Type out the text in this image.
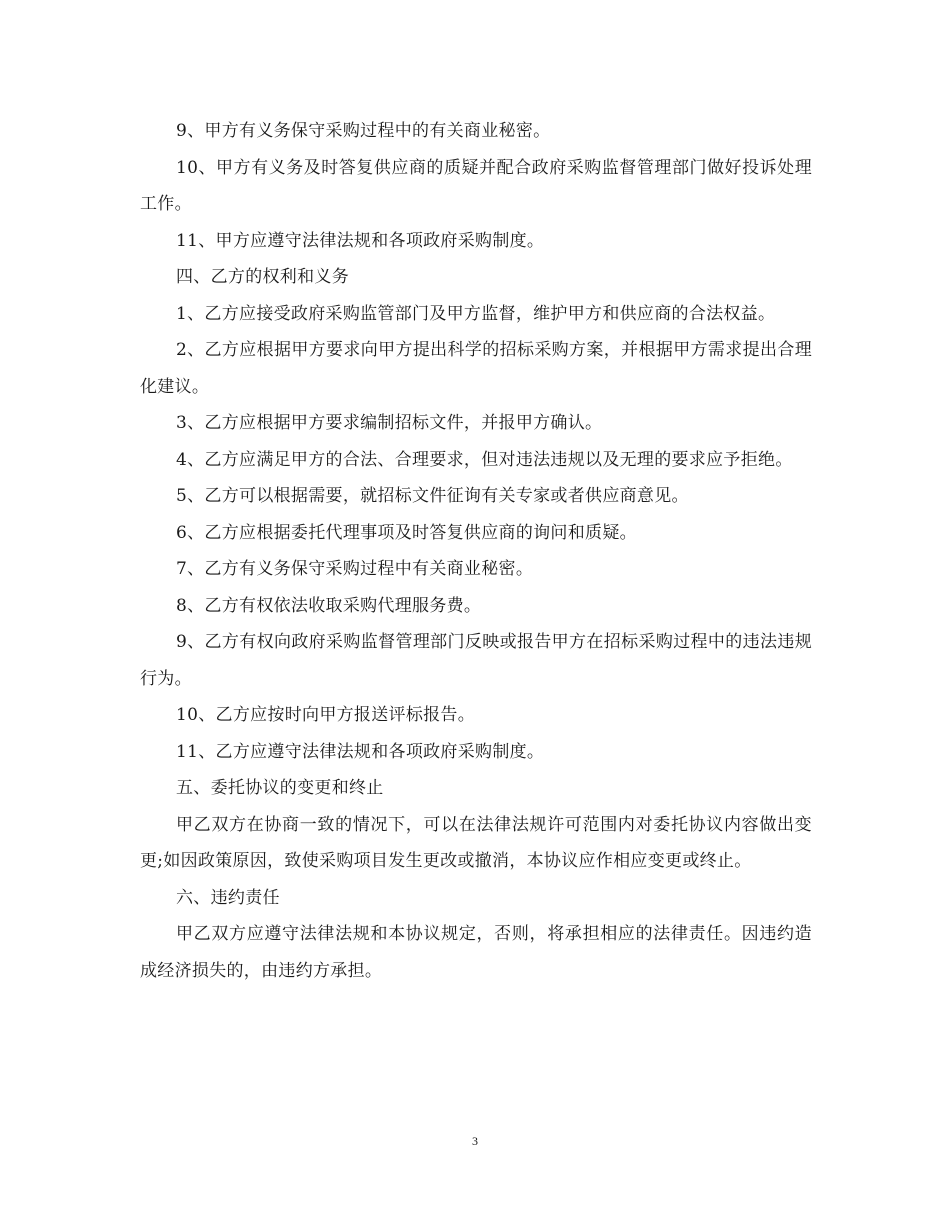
9、甲方有义务保守采购过程中的有关商业秘密。

10、甲方有义务及时答复供应商的质疑并配合政府采购监督管理部门做好投诉处理工作。

11、甲方应遵守法律法规和各项政府采购制度。

四、乙方的权利和义务

1、乙方应接受政府采购监管部门及甲方监督，维护甲方和供应商的合法权益。

2、乙方应根据甲方要求向甲方提出科学的招标采购方案，并根据甲方需求提出合理化建议。

3、乙方应根据甲方要求编制招标文件，并报甲方确认。

4、乙方应满足甲方的合法、合理要求，但对违法违规以及无理的要求应予拒绝。

5、乙方可以根据需要，就招标文件征询有关专家或者供应商意见。

6、乙方应根据委托代理事项及时答复供应商的询问和质疑。

7、乙方有义务保守采购过程中有关商业秘密。

8、乙方有权依法收取采购代理服务费。

9、乙方有权向政府采购监督管理部门反映或报告甲方在招标采购过程中的违法违规行为。

10、乙方应按时向甲方报送评标报告。

11、乙方应遵守法律法规和各项政府采购制度。

五、委托协议的变更和终止

甲乙双方在协商一致的情况下，可以在法律法规许可范围内对委托协议内容做出变更;如因政策原因，致使采购项目发生更改或撤消，本协议应作相应变更或终止。

六、违约责任

甲乙双方应遵守法律法规和本协议规定，否则，将承担相应的法律责任。因违约造成经济损失的，由违约方承担。

3
